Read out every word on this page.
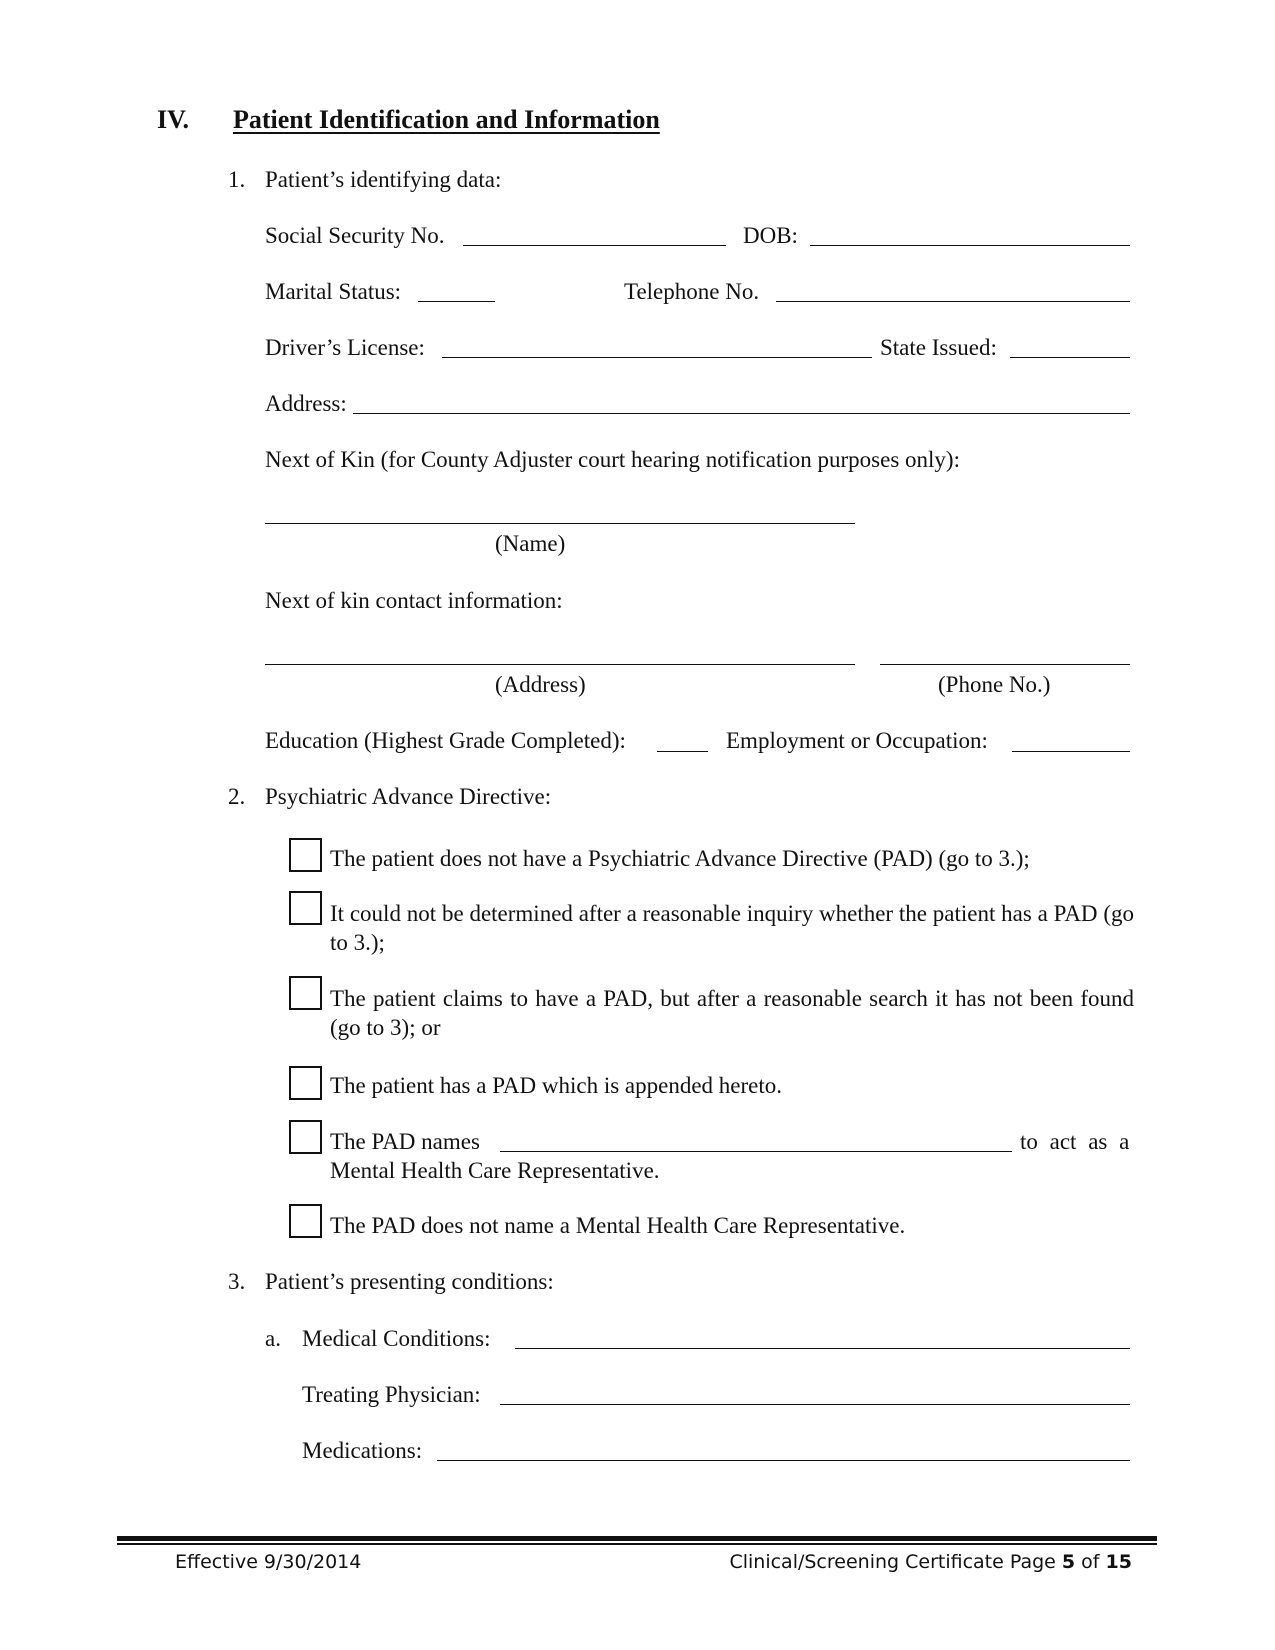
IV. Patient Identification and Information
1. Patient’s identifying data:
Social Security No.	DOB:
Marital Status:	Telephone No.
Driver’s License:	State Issued:
Address:
Next of Kin (for County Adjuster court hearing notification purposes only):
(Name)
Next of kin contact information:
(Address)	(Phone No.)
Education (Highest Grade Completed):	Employment or Occupation:
2. Psychiatric Advance Directive:
The patient does not have a Psychiatric Advance Directive (PAD) (go to 3.);
It could not be determined after a reasonable inquiry whether the patient has a PAD (go to 3.);
The patient claims to have a PAD, but after a reasonable search it has not been found (go to 3); or
The patient has a PAD which is appended hereto.
The PAD names	to act as a
Mental Health Care Representative.
The PAD does not name a Mental Health Care Representative.
3. Patient’s presenting conditions:
a. Medical Conditions:
Treating Physician:
Medications:
Effective 9/30/2014	Clinical/Screening Certificate Page 5 of 15
